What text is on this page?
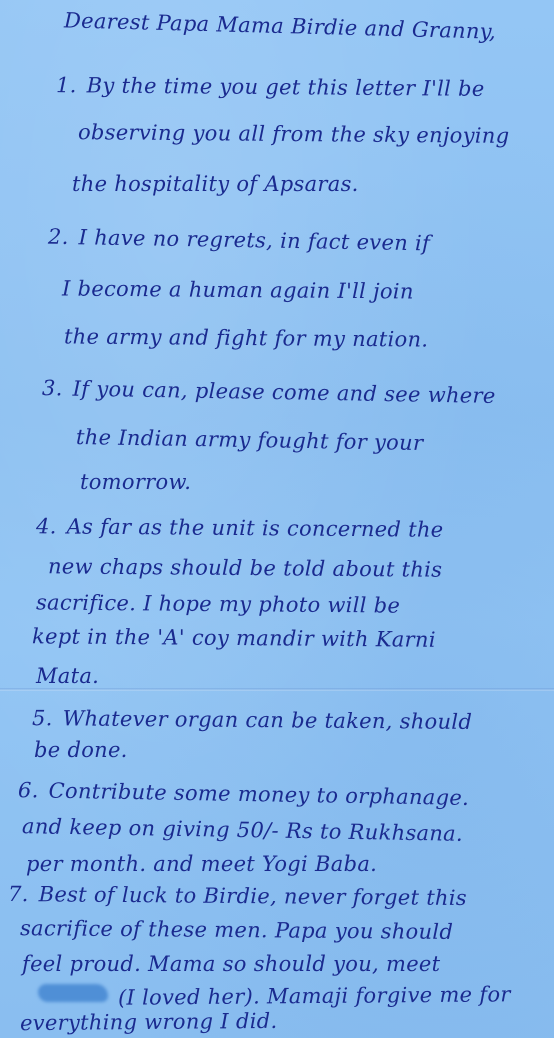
Dearest Papa Mama Birdie and Granny,
1. By the time you get this letter I'll be
observing you all from the sky enjoying
the hospitality of Apsaras.
2. I have no regrets, in fact even if
I become a human again I'll join
the army and fight for my nation.
3. If you can, please come and see where
the Indian army fought for your
tomorrow.
4. As far as the unit is concerned the
new chaps should be told about this
sacrifice. I hope my photo will be
kept in the 'A' coy mandir with Karni
Mata.
5. Whatever organ can be taken, should
be done.
6. Contribute some money to orphanage.
and keep on giving 50/- Rs to Rukhsana.
per month. and meet Yogi Baba.
7. Best of luck to Birdie, never forget this
sacrifice of these men. Papa you should
feel proud. Mama so should you, meet
(I loved her). Mamaji forgive me for
everything wrong I did.
